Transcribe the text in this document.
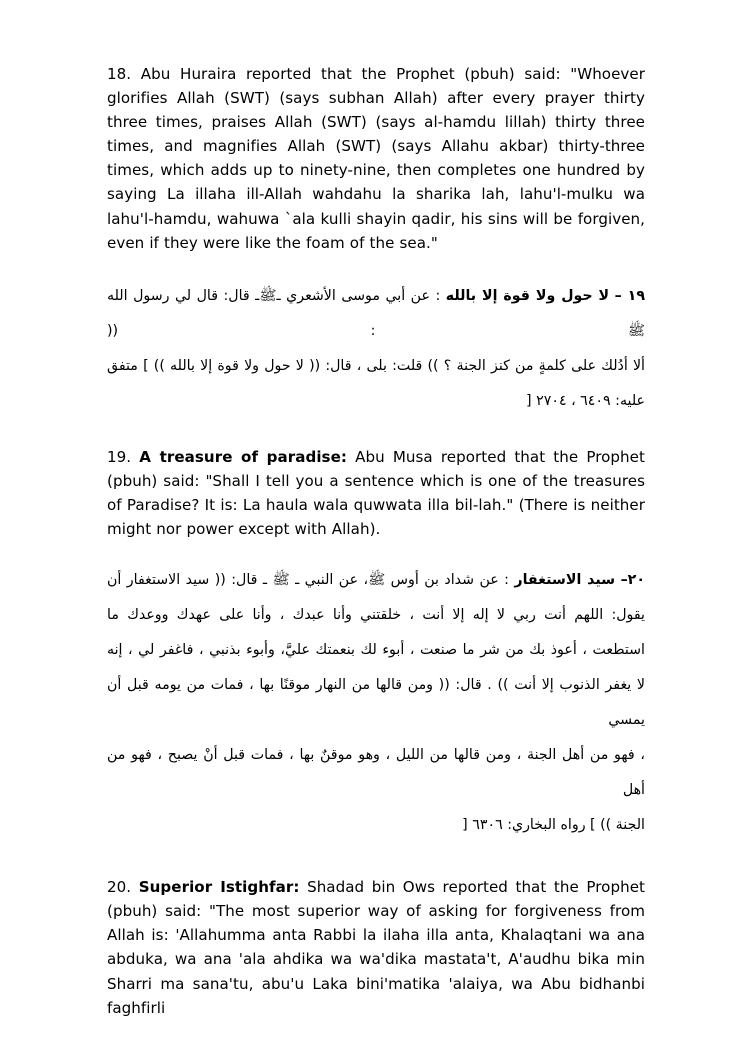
18. Abu Huraira reported that the Prophet (pbuh) said: "Whoever glorifies Allah (SWT) (says subhan Allah) after every prayer thirty three times, praises Allah (SWT) (says al-hamdu lillah) thirty three times, and magnifies Allah (SWT) (says Allahu akbar) thirty-three times, which adds up to ninety-nine, then completes one hundred by saying La illaha ill-Allah wahdahu la sharika lah, lahu'l-mulku wa lahu'l-hamdu, wahuwa `ala kulli shayin qadir, his sins will be forgiven, even if they were like the foam of the sea."

١٩ – لا حول ولا قوة إلا بالله : عن أبي موسى الأشعري ـﷺـ قال: قال لي رسول الله ﷺ : ((
ألا أدُلك على كلمةٍ من كنز الجنة ؟ )) قلت: بلى ، قال: (( لا حول ولا قوة إلا بالله )) ] متفق
عليه: ٦٤٠٩ ، ٢٧٠٤ [

19. A treasure of paradise: Abu Musa reported that the Prophet (pbuh) said: "Shall I tell you a sentence which is one of the treasures of Paradise? It is: La haula wala quwwata illa bil-lah." (There is neither might nor power except with Allah).

٢٠– سيد الاستغفار : عن شداد بن أوس ﷺ، عن النبي ـ ﷺ ـ قال: (( سيد الاستغفار أن
يقول: اللهم أنت ربي لا إله إلا أنت ، خلقتني وأنا عبدك ، وأنا على عهدك ووعدك ما
استطعت ، أعوذ بك من شر ما صنعت ، أبوء لك بنعمتك عليَّ، وأبوء بذنبي ، فاغفر لي ، إنه
لا يغفر الذنوب إلا أنت )) . قال: (( ومن قالها من النهار موقنًا بها ، فمات من يومه قبل أن يمسي
، فهو من أهل الجنة ، ومن قالها من الليل ، وهو موقنٌ بها ، فمات قبل أنْ يصبح ، فهو من أهل
الجنة )) ] رواه البخاري: ٦٣٠٦ [

20. Superior Istighfar: Shadad bin Ows reported that the Prophet (pbuh) said: "The most superior way of asking for forgiveness from Allah is: 'Allahumma anta Rabbi la ilaha illa anta, Khalaqtani wa ana abduka, wa ana 'ala ahdika wa wa'dika mastata't, A'audhu bika min Sharri ma sana'tu, abu'u Laka bini'matika 'alaiya, wa Abu bidhanbi faghfirli
